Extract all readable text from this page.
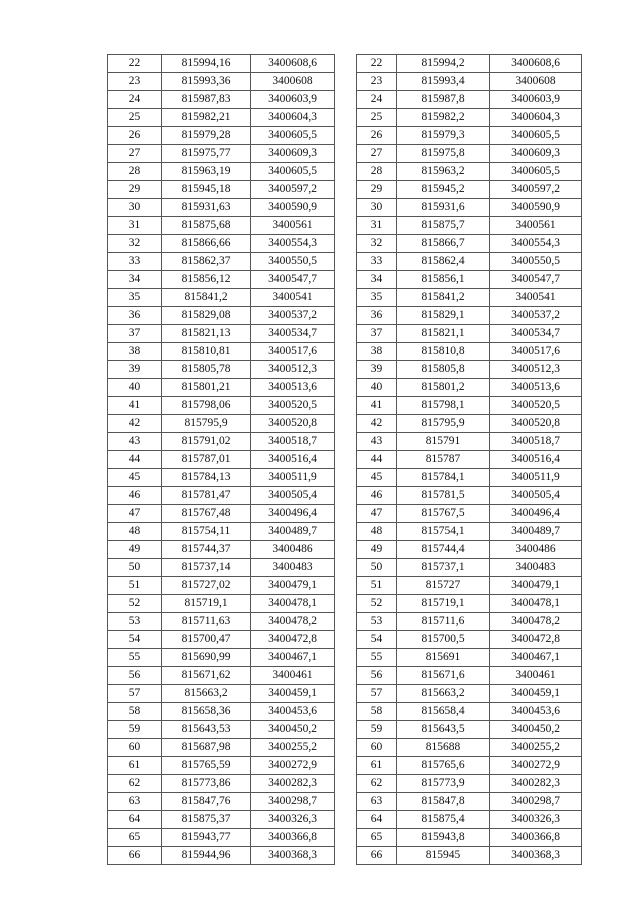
22	815994,16	3400608,6		22	815994,2	3400608,6
23	815993,36	3400608		23	815993,4	3400608
24	815987,83	3400603,9		24	815987,8	3400603,9
25	815982,21	3400604,3		25	815982,2	3400604,3
26	815979,28	3400605,5		26	815979,3	3400605,5
27	815975,77	3400609,3		27	815975,8	3400609,3
28	815963,19	3400605,5		28	815963,2	3400605,5
29	815945,18	3400597,2		29	815945,2	3400597,2
30	815931,63	3400590,9		30	815931,6	3400590,9
31	815875,68	3400561		31	815875,7	3400561
32	815866,66	3400554,3		32	815866,7	3400554,3
33	815862,37	3400550,5		33	815862,4	3400550,5
34	815856,12	3400547,7		34	815856,1	3400547,7
35	815841,2	3400541		35	815841,2	3400541
36	815829,08	3400537,2		36	815829,1	3400537,2
37	815821,13	3400534,7		37	815821,1	3400534,7
38	815810,81	3400517,6		38	815810,8	3400517,6
39	815805,78	3400512,3		39	815805,8	3400512,3
40	815801,21	3400513,6		40	815801,2	3400513,6
41	815798,06	3400520,5		41	815798,1	3400520,5
42	815795,9	3400520,8		42	815795,9	3400520,8
43	815791,02	3400518,7		43	815791	3400518,7
44	815787,01	3400516,4		44	815787	3400516,4
45	815784,13	3400511,9		45	815784,1	3400511,9
46	815781,47	3400505,4		46	815781,5	3400505,4
47	815767,48	3400496,4		47	815767,5	3400496,4
48	815754,11	3400489,7		48	815754,1	3400489,7
49	815744,37	3400486		49	815744,4	3400486
50	815737,14	3400483		50	815737,1	3400483
51	815727,02	3400479,1		51	815727	3400479,1
52	815719,1	3400478,1		52	815719,1	3400478,1
53	815711,63	3400478,2		53	815711,6	3400478,2
54	815700,47	3400472,8		54	815700,5	3400472,8
55	815690,99	3400467,1		55	815691	3400467,1
56	815671,62	3400461		56	815671,6	3400461
57	815663,2	3400459,1		57	815663,2	3400459,1
58	815658,36	3400453,6		58	815658,4	3400453,6
59	815643,53	3400450,2		59	815643,5	3400450,2
60	815687,98	3400255,2		60	815688	3400255,2
61	815765,59	3400272,9		61	815765,6	3400272,9
62	815773,86	3400282,3		62	815773,9	3400282,3
63	815847,76	3400298,7		63	815847,8	3400298,7
64	815875,37	3400326,3		64	815875,4	3400326,3
65	815943,77	3400366,8		65	815943,8	3400366,8
66	815944,96	3400368,3		66	815945	3400368,3
